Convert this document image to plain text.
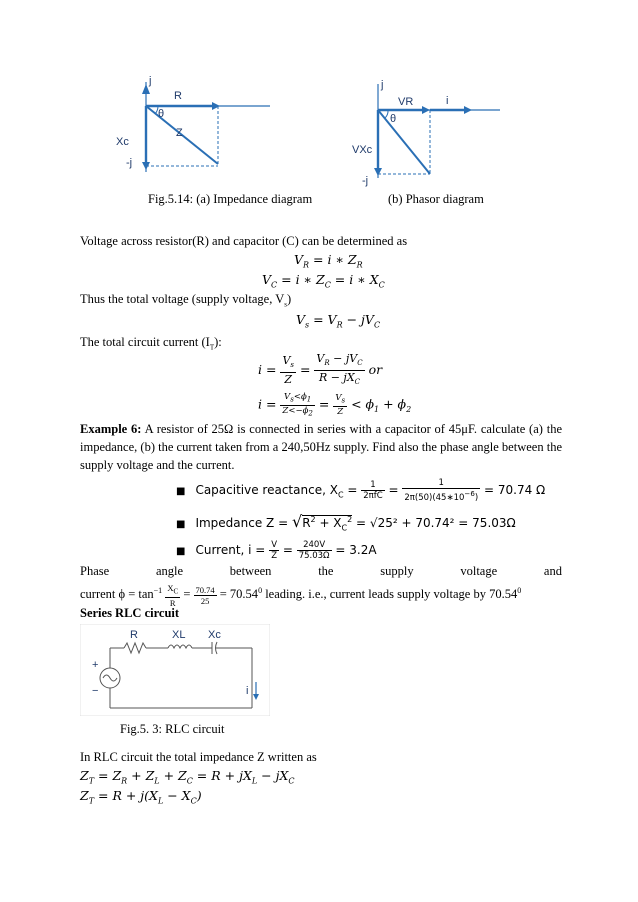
j
-j
R
Xc
Z
θ
j
-j
VR	i
VXc
θ
Fig.5.14: (a) Impedance diagram	(b) Phasor diagram
Voltage across resistor(R) and capacitor (C) can be determined as
$V_R = i$ ∗ $Z_R$
$V_C = i$ ∗ $Z_C = i$ ∗ $X_C$
Thus the total voltage (supply voltage, $V_s$)
$V_s = V_R - jV_C$
The total circuit current $(I_T)$:
$i = \frac{V_s}{Z} = \frac{V_R - jV_C}{R - jX_C}$ or
$i = \frac{V_s<\phi_1}{Z<-\phi_2} = \frac{V_s}{Z} < \phi_1 + \phi_2$
Example 6: A resistor of 25Ω is connected in series with a capacitor of 45μF. calculate (a) the impedance, (b) the current taken from a 240,50Hz supply. Find also the phase angle between the supply voltage and the current.
■ Capacitive reactance, $X_C = \frac{1}{\text{2πfC}} = \frac{1}{2\pi(50)(45∗10^{-6})} = 70.74$ Ω
■ Impedance $Z = √R^2 + X_C^2 = √25^2 + 70.74^2 = 75.03\Omega$
■ Current, $i = \frac{V}{Z} = \frac{240V}{75.03\Omega} = 3.2A$
Phase	angle	between	the	supply	voltage	and
current $\phi = \tan^{-1} \frac{X_C}{R} = \frac{70.74}{25} = 70.54^0$ leading. i.e., current leads supply voltage by 70.54$^0$
Series RLC circuit
R	XL Xc
+
−	i
Fig.5. 3: RLC circuit
In RLC circuit the total impedance Z written as
$Z_T = Z_R + Z_L + Z_C = R + jX_L - jX_C$
$Z_T = R + j(X_L - X_C)$
